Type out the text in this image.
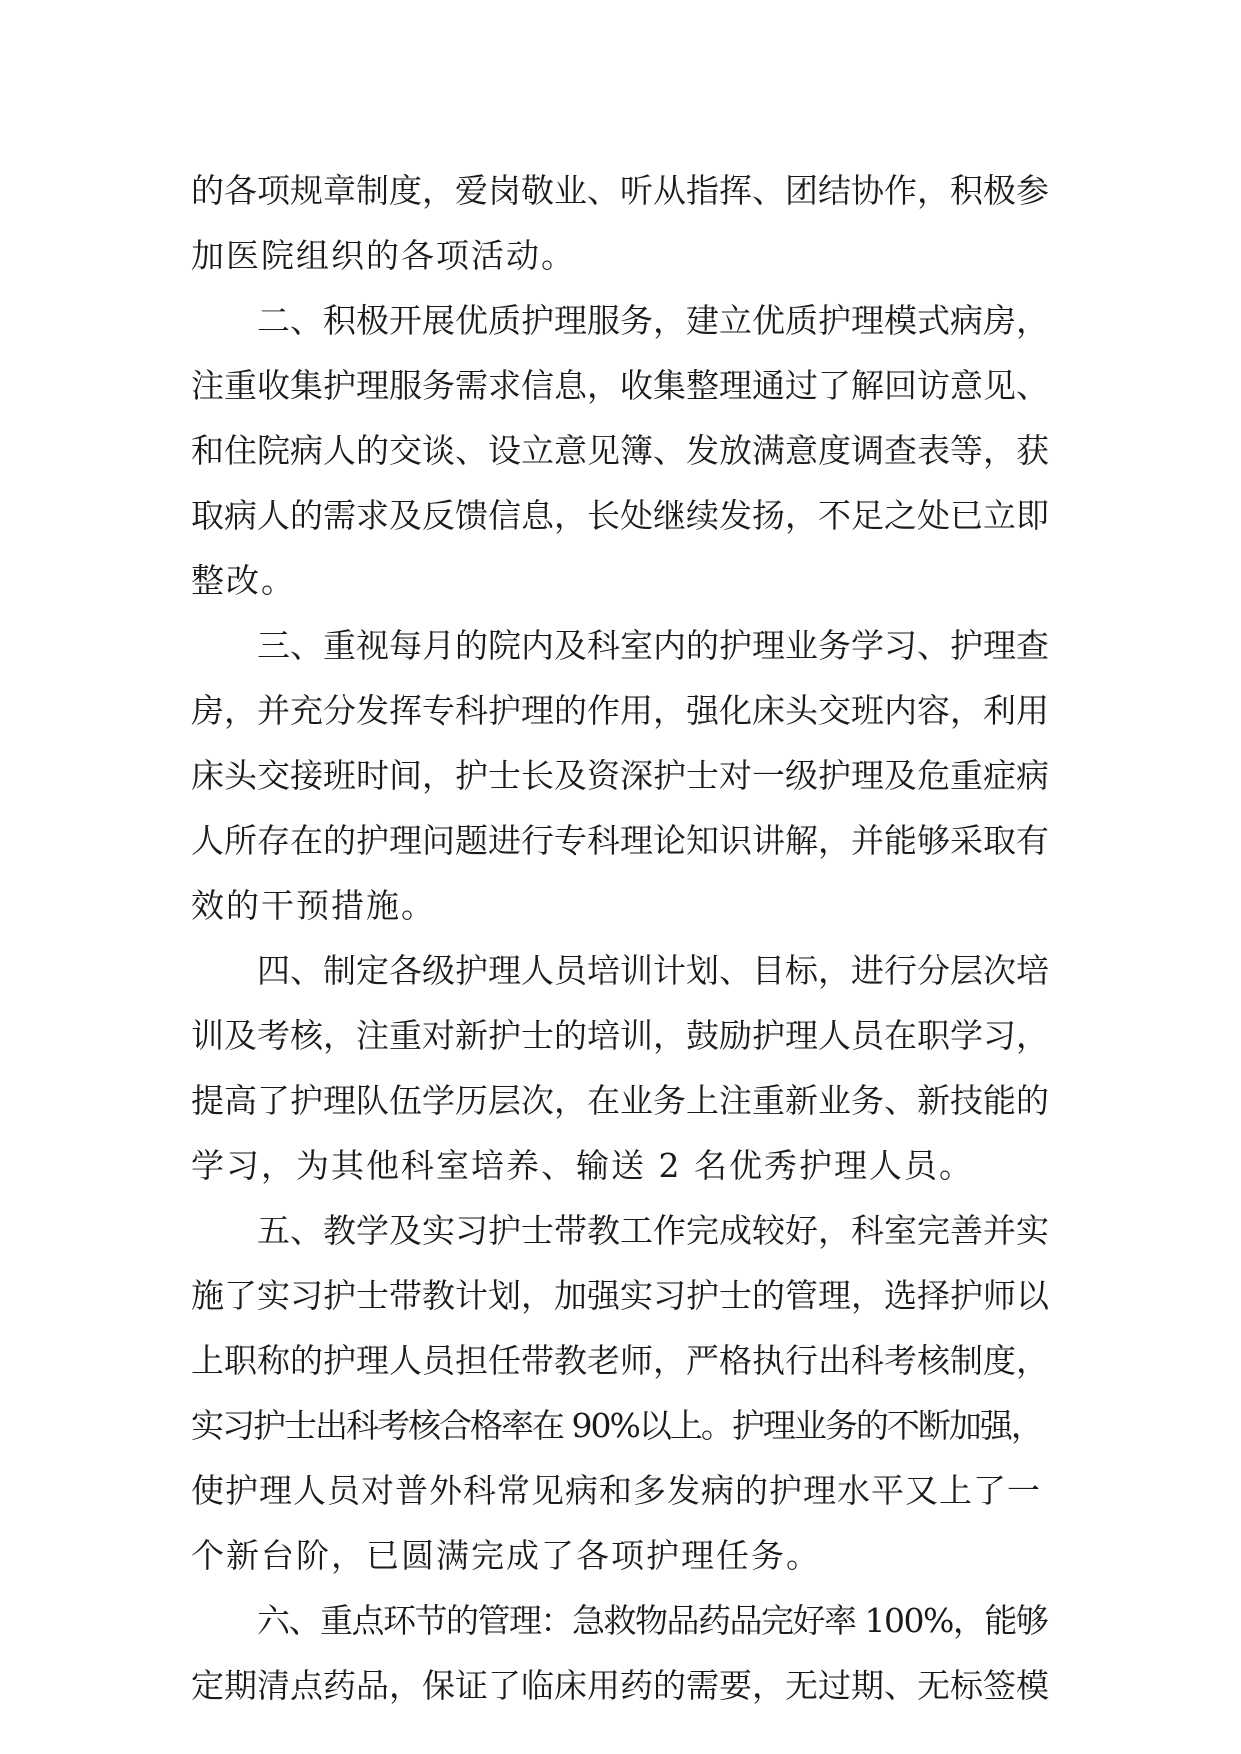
的各项规章制度，爱岗敬业、听从指挥、团结协作，积极参
加医院组织的各项活动。
二、积极开展优质护理服务，建立优质护理模式病房，
注重收集护理服务需求信息，收集整理通过了解回访意见、
和住院病人的交谈、设立意见簿、发放满意度调查表等，获
取病人的需求及反馈信息，长处继续发扬，不足之处已立即
整改。
三、重视每月的院内及科室内的护理业务学习、护理查
房，并充分发挥专科护理的作用，强化床头交班内容，利用
床头交接班时间，护士长及资深护士对一级护理及危重症病
人所存在的护理问题进行专科理论知识讲解，并能够采取有
效的干预措施。
四、制定各级护理人员培训计划、目标，进行分层次培
训及考核，注重对新护士的培训，鼓励护理人员在职学习，
提高了护理队伍学历层次，在业务上注重新业务、新技能的
学习，为其他科室培养、输送 2 名优秀护理人员。
五、教学及实习护士带教工作完成较好，科室完善并实
施了实习护士带教计划，加强实习护士的管理，选择护师以
上职称的护理人员担任带教老师，严格执行出科考核制度，
实习护士出科考核合格率在 90%以上。护理业务的不断加强，
使护理人员对普外科常见病和多发病的护理水平又上了一
个新台阶，已圆满完成了各项护理任务。
六、重点环节的管理：急救物品药品完好率 100%，能够
定期清点药品，保证了临床用药的需要，无过期、无标签模
